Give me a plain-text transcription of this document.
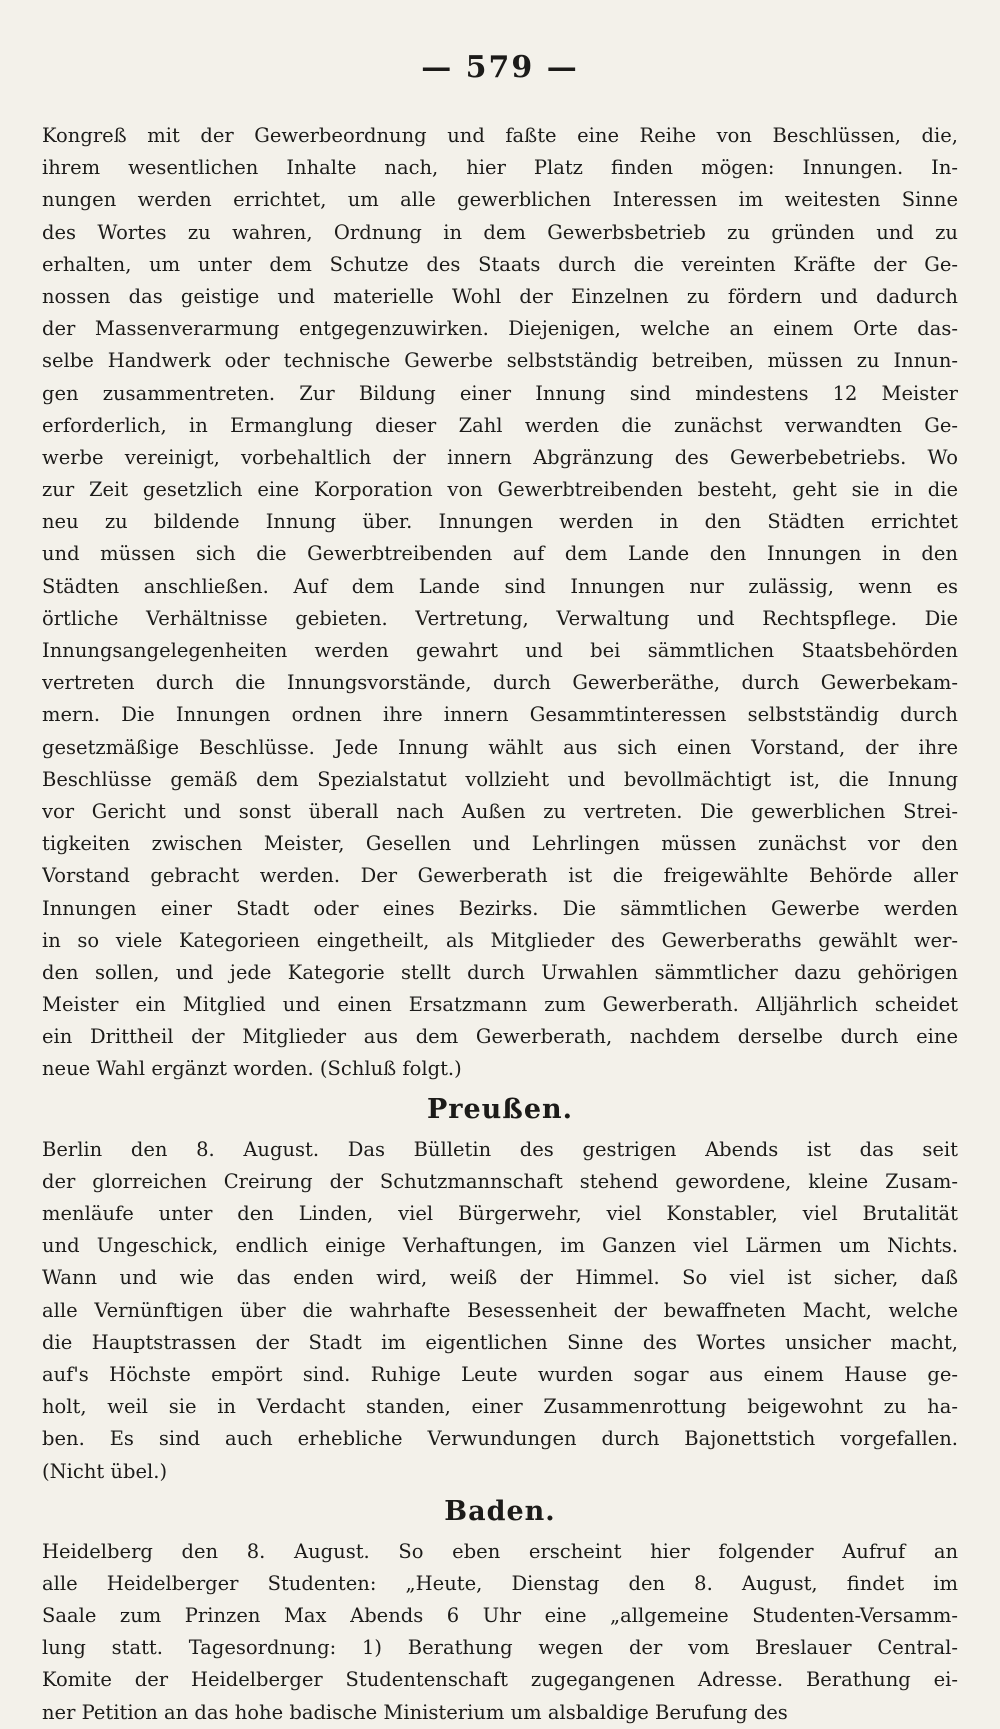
— 579 —
Kongreß mit der Gewerbeordnung und faßte eine Reihe von Beschlüssen, die,
ihrem wesentlichen Inhalte nach, hier Platz finden mögen: Innungen. In-
nungen werden errichtet, um alle gewerblichen Interessen im weitesten Sinne
des Wortes zu wahren, Ordnung in dem Gewerbsbetrieb zu gründen und zu
erhalten, um unter dem Schutze des Staats durch die vereinten Kräfte der Ge-
nossen das geistige und materielle Wohl der Einzelnen zu fördern und dadurch
der Massenverarmung entgegenzuwirken. Diejenigen, welche an einem Orte das-
selbe Handwerk oder technische Gewerbe selbstständig betreiben, müssen zu Innun-
gen zusammentreten. Zur Bildung einer Innung sind mindestens 12 Meister
erforderlich, in Ermanglung dieser Zahl werden die zunächst verwandten Ge-
werbe vereinigt, vorbehaltlich der innern Abgränzung des Gewerbebetriebs. Wo
zur Zeit gesetzlich eine Korporation von Gewerbtreibenden besteht, geht sie in die
neu zu bildende Innung über. Innungen werden in den Städten errichtet
und müssen sich die Gewerbtreibenden auf dem Lande den Innungen in den
Städten anschließen. Auf dem Lande sind Innungen nur zulässig, wenn es
örtliche Verhältnisse gebieten. Vertretung, Verwaltung und Rechtspflege. Die
Innungsangelegenheiten werden gewahrt und bei sämmtlichen Staatsbehörden
vertreten durch die Innungsvorstände, durch Gewerberäthe, durch Gewerbekam-
mern. Die Innungen ordnen ihre innern Gesammtinteressen selbstständig durch
gesetzmäßige Beschlüsse. Jede Innung wählt aus sich einen Vorstand, der ihre
Beschlüsse gemäß dem Spezialstatut vollzieht und bevollmächtigt ist, die Innung
vor Gericht und sonst überall nach Außen zu vertreten. Die gewerblichen Strei-
tigkeiten zwischen Meister, Gesellen und Lehrlingen müssen zunächst vor den
Vorstand gebracht werden. Der Gewerberath ist die freigewählte Behörde aller
Innungen einer Stadt oder eines Bezirks. Die sämmtlichen Gewerbe werden
in so viele Kategorieen eingetheilt, als Mitglieder des Gewerberaths gewählt wer-
den sollen, und jede Kategorie stellt durch Urwahlen sämmtlicher dazu gehörigen
Meister ein Mitglied und einen Ersatzmann zum Gewerberath. Alljährlich scheidet
ein Drittheil der Mitglieder aus dem Gewerberath, nachdem derselbe durch eine
neue Wahl ergänzt worden. (Schluß folgt.)
Preußen.
Berlin den 8. August. Das Bülletin des gestrigen Abends ist das seit
der glorreichen Creirung der Schutzmannschaft stehend gewordene, kleine Zusam-
menläufe unter den Linden, viel Bürgerwehr, viel Konstabler, viel Brutalität
und Ungeschick, endlich einige Verhaftungen, im Ganzen viel Lärmen um Nichts.
Wann und wie das enden wird, weiß der Himmel. So viel ist sicher, daß
alle Vernünftigen über die wahrhafte Besessenheit der bewaffneten Macht, welche
die Hauptstrassen der Stadt im eigentlichen Sinne des Wortes unsicher macht,
auf's Höchste empört sind. Ruhige Leute wurden sogar aus einem Hause ge-
holt, weil sie in Verdacht standen, einer Zusammenrottung beigewohnt zu ha-
ben. Es sind auch erhebliche Verwundungen durch Bajonettstich vorgefallen.
(Nicht übel.)
Baden.
Heidelberg den 8. August. So eben erscheint hier folgender Aufruf an
alle Heidelberger Studenten: „Heute, Dienstag den 8. August, findet im
Saale zum Prinzen Max Abends 6 Uhr eine „allgemeine Studenten-Versamm-
lung statt. Tagesordnung: 1) Berathung wegen der vom Breslauer Central-
Komite der Heidelberger Studentenschaft zugegangenen Adresse. Berathung ei-
ner Petition an das hohe badische Ministerium um alsbaldige Berufung des
